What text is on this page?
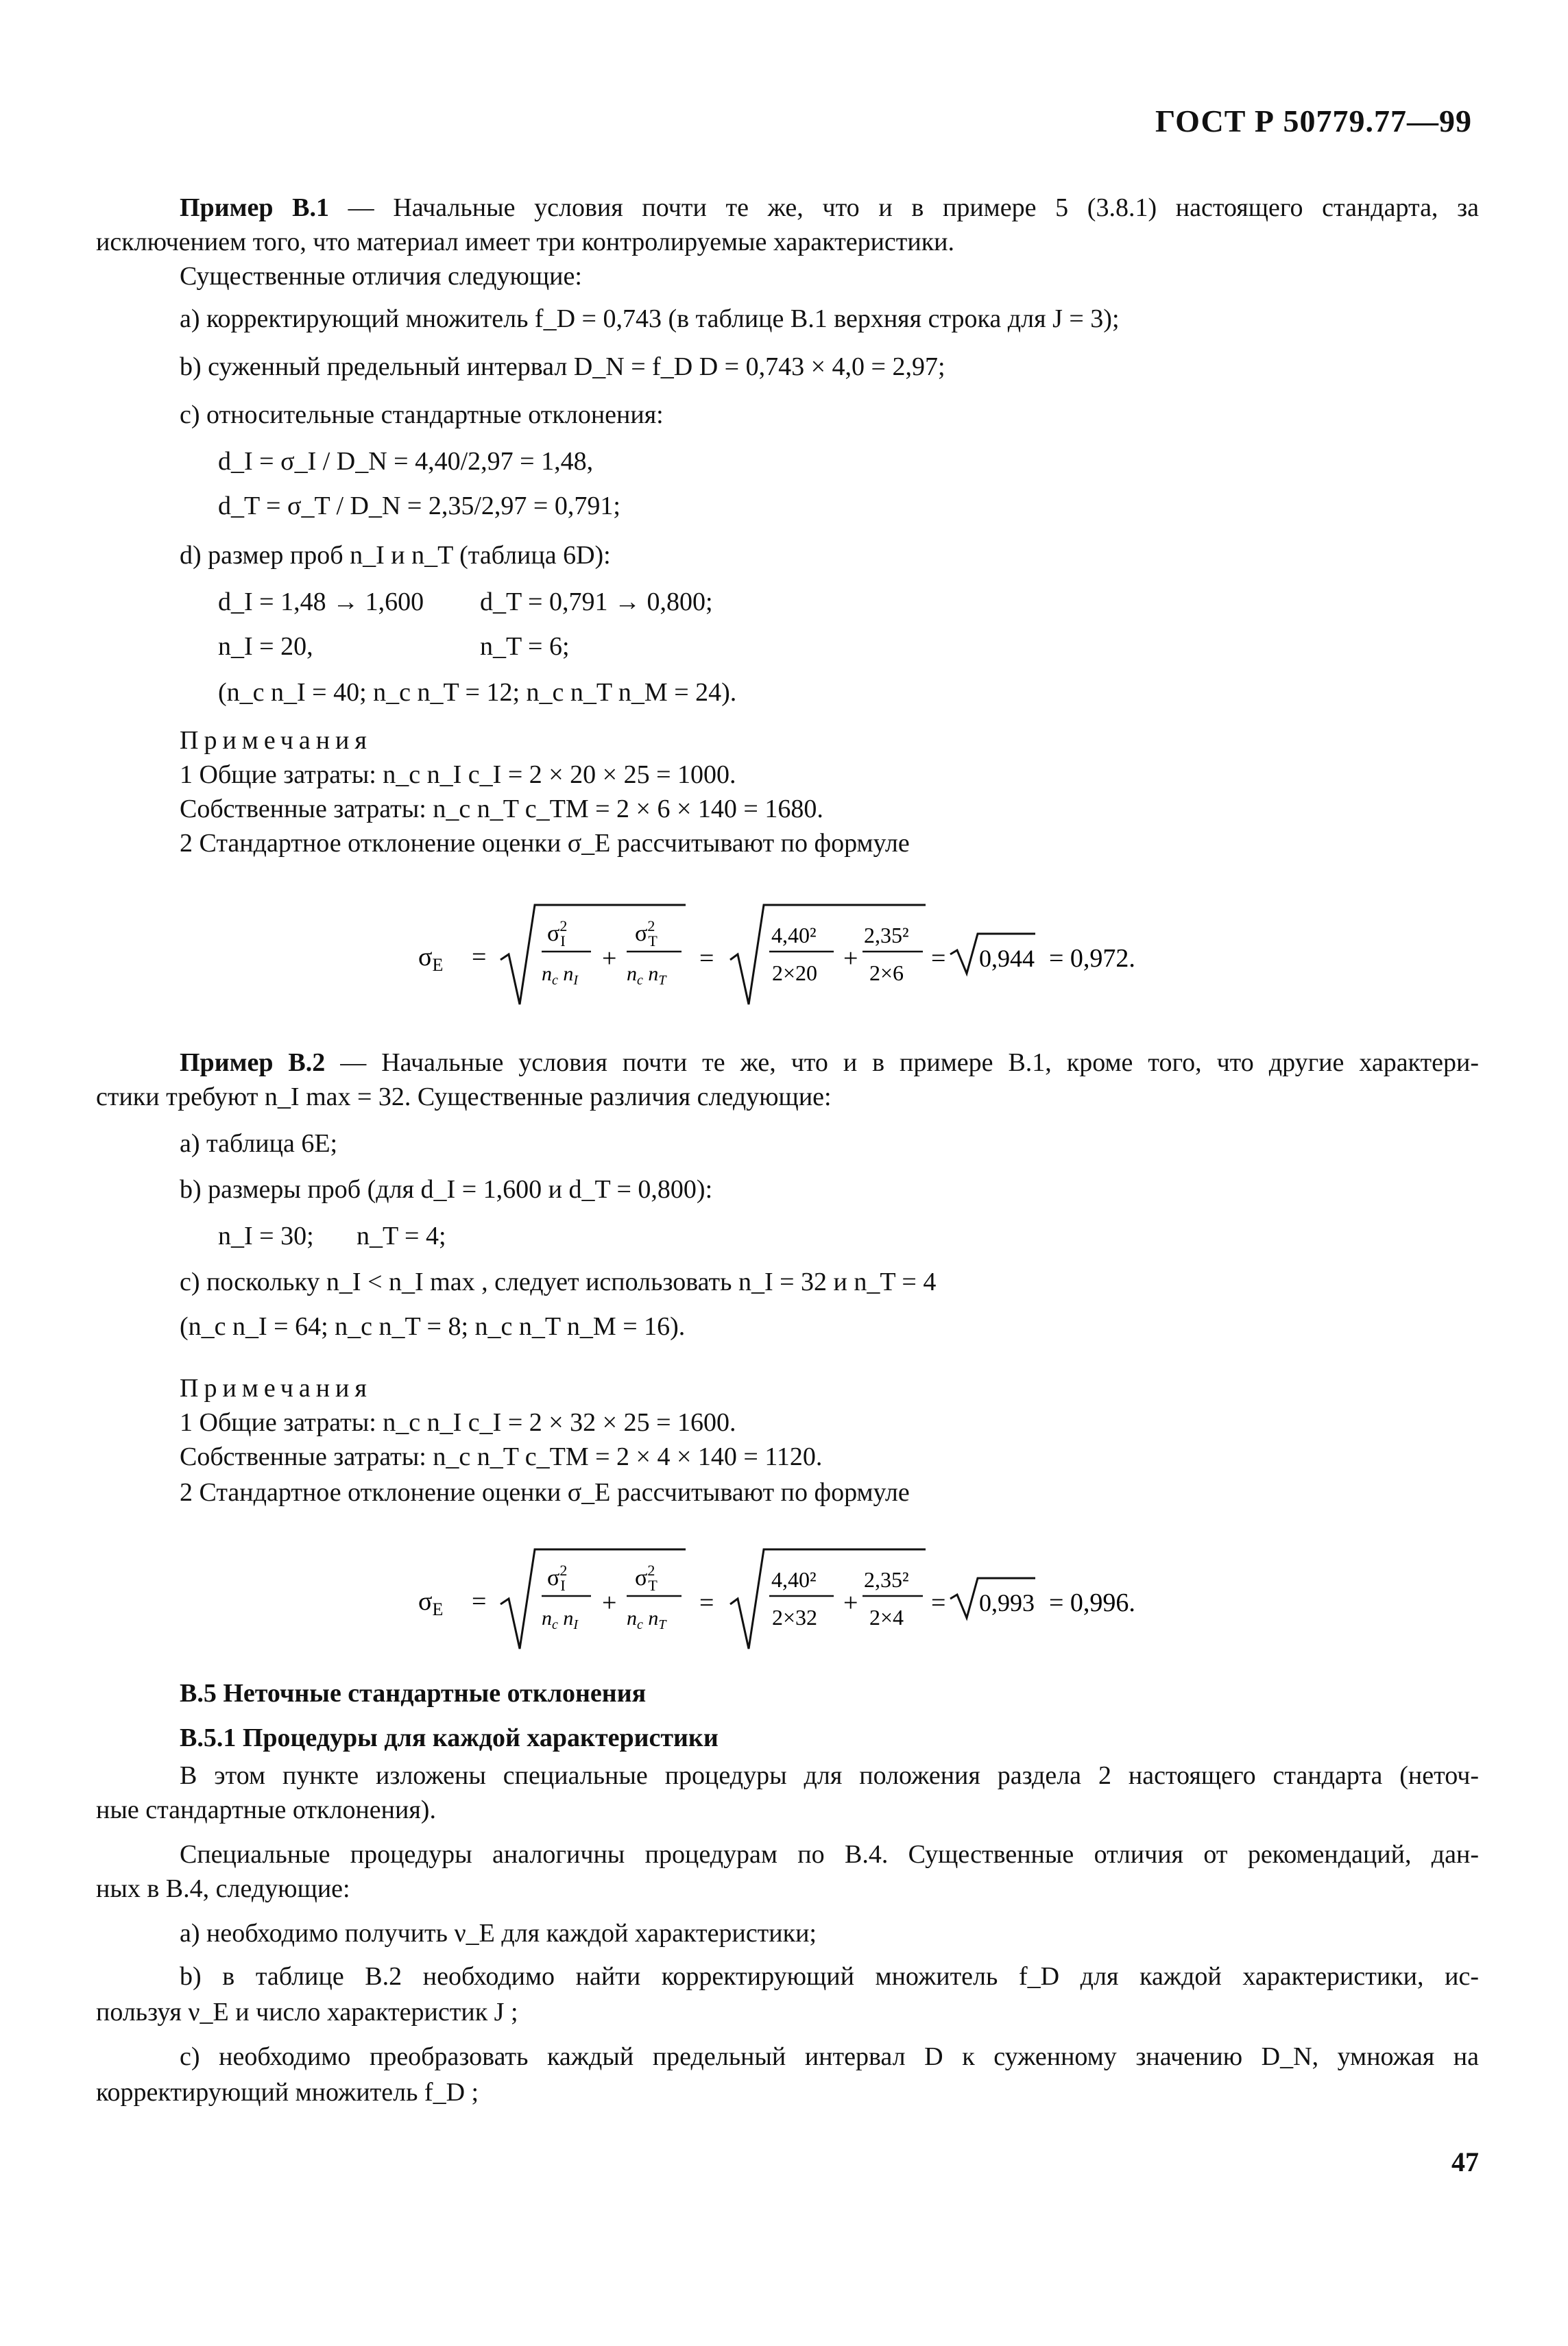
ГОСТ Р 50779.77—99
Пример В.1 — Начальные условия почти те же, что и в примере 5 (3.8.1) настоящего стандарта, за
исключением того, что материал имеет три контролируемые характеристики.
Существенные отличия следующие:
а) корректирующий множитель f_D = 0,743 (в таблице В.1 верхняя строка для J = 3);
b) суженный предельный интервал D_N = f_D D = 0,743 × 4,0 = 2,97;
с) относительные стандартные отклонения:
d_I = σ_I / D_N = 4,40/2,97 = 1,48,
d_T = σ_T / D_N = 2,35/2,97 = 0,791;
d) размер проб n_I и n_T (таблица 6D):
d_I = 1,48 → 1,600 d_T = 0,791 → 0,800;
n_I = 20,	n_T = 6;
(n_c n_I = 40; n_c n_T = 12; n_c n_T n_M = 24).
Примечания
1 Общие затраты: n_c n_I c_I = 2 × 20 × 25 = 1000.
Собственные затраты: n_c n_T c_TM = 2 × 6 × 140 = 1680.
2 Стандартное отклонение оценки σ_E рассчитывают по формуле
$\sigma_E$ =
$\sigma^2$ I
$n_c$ $n_I$
+
$\sigma^2$ T
$n_c$ $n_T$
=
4,40²
2×20 +
2,35²
2×6 = 0,944 = 0,972.
Пример В.2 — Начальные условия почти те же, что и в примере В.1, кроме того, что другие характери-
стики требуют n_I max = 32. Существенные различия следующие:
а) таблица 6Е;
b) размеры проб (для d_I = 1,600 и d_T = 0,800):
n_I = 30; n_T = 4;
с) поскольку n_I < n_I max , следует использовать n_I = 32 и n_T = 4
(n_c n_I = 64; n_c n_T = 8; n_c n_T n_M = 16).
Примечания
1 Общие затраты: n_c n_I c_I = 2 × 32 × 25 = 1600.
Собственные затраты: n_c n_T c_TM = 2 × 4 × 140 = 1120.
2 Стандартное отклонение оценки σ_E рассчитывают по формуле
$\sigma_E$ =
$\sigma^2$ I
$n_c$ $n_I$
+
$\sigma^2$ T
$n_c$ $n_T$
=
4,40²
2×32 +
2,35²
2×4 = 0,993 = 0,996.
В.5 Неточные стандартные отклонения
В.5.1 Процедуры для каждой характеристики
В этом пункте изложены специальные процедуры для положения раздела 2 настоящего стандарта (неточ-
ные стандартные отклонения).
Специальные процедуры аналогичны процедурам по В.4. Существенные отличия от рекомендаций, дан-
ных в В.4, следующие:
а) необходимо получить ν_E для каждой характеристики;
b) в таблице В.2 необходимо найти корректирующий множитель f_D для каждой характеристики, ис-
пользуя ν_E и число характеристик J ;
с) необходимо преобразовать каждый предельный интервал D к суженному значению D_N, умножая на
корректирующий множитель f_D ;
47
